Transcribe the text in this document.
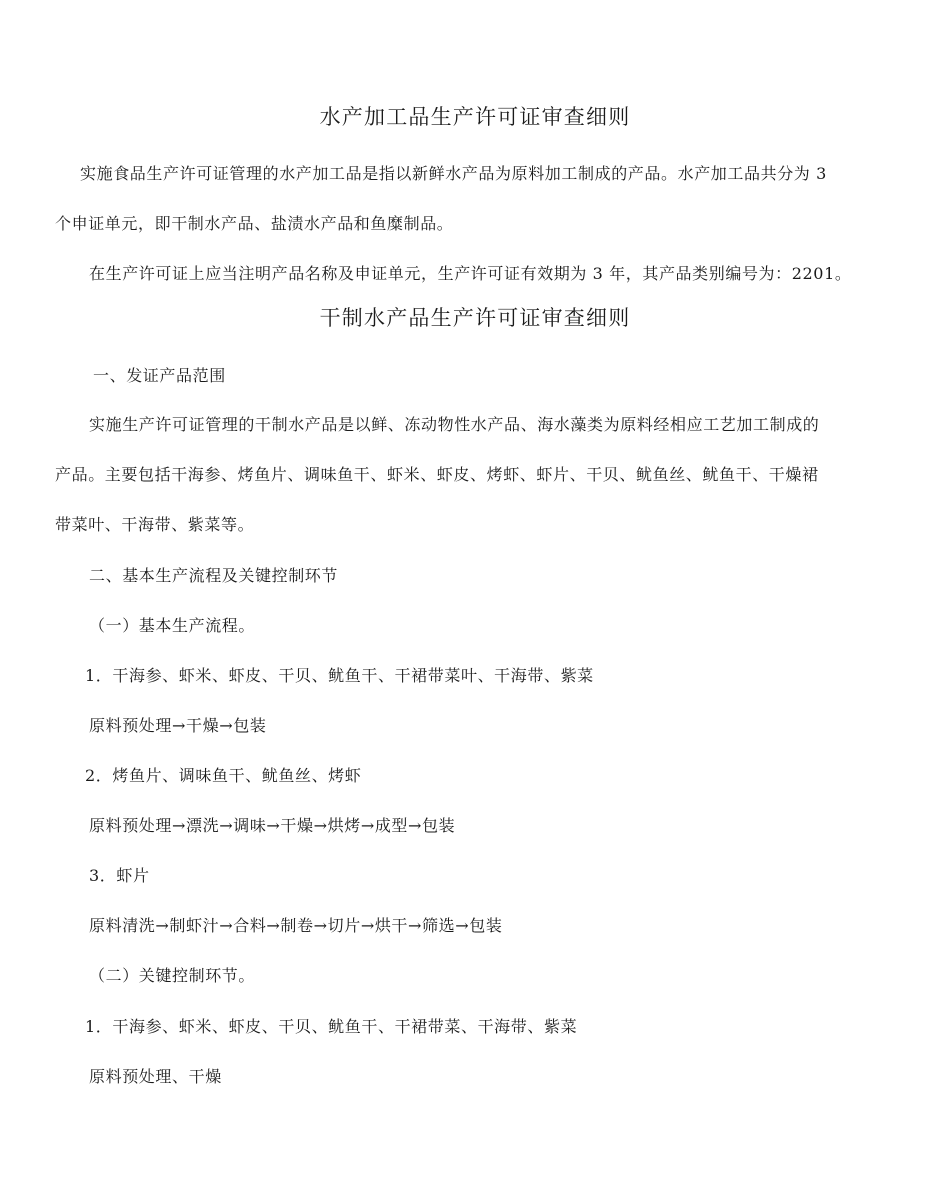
水产加工品生产许可证审查细则
实施食品生产许可证管理的水产加工品是指以新鲜水产品为原料加工制成的产品。水产加工品共分为 3
个申证单元，即干制水产品、盐渍水产品和鱼糜制品。
在生产许可证上应当注明产品名称及申证单元，生产许可证有效期为 3 年，其产品类别编号为：2201。
干制水产品生产许可证审查细则
一、发证产品范围
实施生产许可证管理的干制水产品是以鲜、冻动物性水产品、海水藻类为原料经相应工艺加工制成的
产品。主要包括干海参、烤鱼片、调味鱼干、虾米、虾皮、烤虾、虾片、干贝、鱿鱼丝、鱿鱼干、干燥裙
带菜叶、干海带、紫菜等。
二、基本生产流程及关键控制环节
（一）基本生产流程。
1．干海参、虾米、虾皮、干贝、鱿鱼干、干裙带菜叶、干海带、紫菜
原料预处理→干燥→包装
2．烤鱼片、调味鱼干、鱿鱼丝、烤虾
原料预处理→漂洗→调味→干燥→烘烤→成型→包装
3．虾片
原料清洗→制虾汁→合料→制卷→切片→烘干→筛选→包装
（二）关键控制环节。
1．干海参、虾米、虾皮、干贝、鱿鱼干、干裙带菜、干海带、紫菜
原料预处理、干燥
